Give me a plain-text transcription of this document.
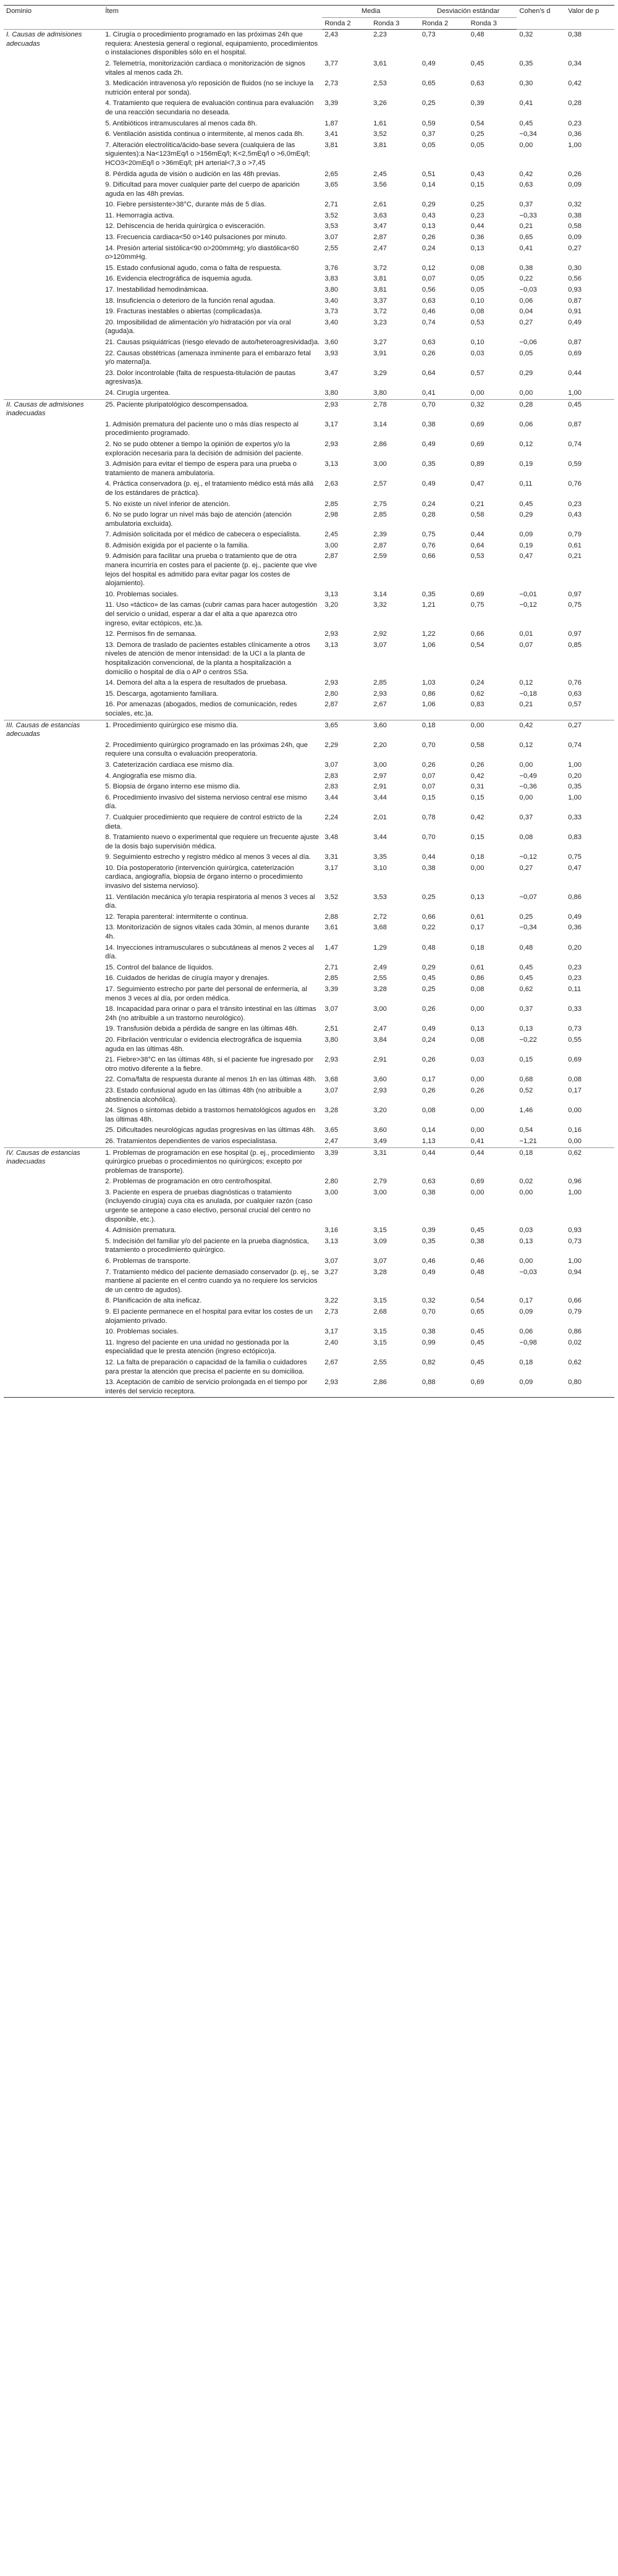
Dominio	Ítem	Media		Desviación estándar		Cohen's d	Valor de p
		Ronda 2	Ronda 3	Ronda 2	Ronda 3		
I. Causas de admisiones adecuadas	1. Cirugía o procedimiento programado en las próximas 24h que requiera: Anestesia general o regional, equipamiento, procedimientos o instalaciones disponibles sólo en el hospital.	2,43	2,23	0,73	0,48	0,32	0,38
	2. Telemetría, monitorización cardiaca o monitorización de signos vitales al menos cada 2h.	3,77	3,61	0,49	0,45	0,35	0,34
	3. Medicación intravenosa y/o reposición de fluidos (no se incluye la nutrición enteral por sonda).	2,73	2,53	0,65	0,63	0,30	0,42
	4. Tratamiento que requiera de evaluación continua para evaluación de una reacción secundaria no deseada.	3,39	3,26	0,25	0,39	0,41	0,28
	5. Antibióticos intramusculares al menos cada 8h.	1,87	1,61	0,59	0,54	0,45	0,23
	6. Ventilación asistida continua o intermitente, al menos cada 8h.	3,41	3,52	0,37	0,25	−0,34	0,36
	7. Alteración electrolítica/ácido-base severa (cualquiera de las siguientes):a Na<123mEq/l o >156mEq/l; K<2,5mEq/l o >6,0mEq/l; HCO3<20mEq/l o >36mEq/l; pH arterial<7,3 o >7,45	3,81	3,81	0,05	0,05	0,00	1,00
	8. Pérdida aguda de visión o audición en las 48h previas.	2,65	2,45	0,51	0,43	0,42	0,26
	9. Dificultad para mover cualquier parte del cuerpo de aparición aguda en las 48h previas.	3,65	3,56	0,14	0,15	0,63	0,09
	10. Fiebre persistente>38°C, durante más de 5 días.	2,71	2,61	0,29	0,25	0,37	0,32
	11. Hemorragia activa.	3,52	3,63	0,43	0,23	−0,33	0,38
	12. Dehiscencia de herida quirúrgica o evisceración.	3,53	3,47	0,13	0,44	0,21	0,58
	13. Frecuencia cardiaca<50 o>140 pulsaciones por minuto.	3,07	2,87	0,26	0,36	0,65	0,09
	14. Presión arterial sistólica<90 o>200mmHg; y/o diastólica<60 o>120mmHg.	2,55	2,47	0,24	0,13	0,41	0,27
	15. Estado confusional agudo, coma o falta de respuesta.	3,76	3,72	0,12	0,08	0,38	0,30
	16. Evidencia electrográfica de isquemia aguda.	3,83	3,81	0,07	0,05	0,22	0,56
	17. Inestabilidad hemodinámicaa.	3,80	3,81	0,56	0,05	−0,03	0,93
	18. Insuficiencia o deterioro de la función renal agudaa.	3,40	3,37	0,63	0,10	0,06	0,87
	19. Fracturas inestables o abiertas (complicadas)a.	3,73	3,72	0,46	0,08	0,04	0,91
	20. Imposibilidad de alimentación y/o hidratación por vía oral (aguda)a.	3,40	3,23	0,74	0,53	0,27	0,49
	21. Causas psiquiátricas (riesgo elevado de auto/heteroagresividad)a.	3,60	3,27	0,63	0,10	−0,06	0,87
	22. Causas obstétricas (amenaza inminente para el embarazo fetal y/o maternal)a.	3,93	3,91	0,26	0,03	0,05	0,69
	23. Dolor incontrolable (falta de respuesta-titulación de pautas agresivas)a.	3,47	3,29	0,64	0,57	0,29	0,44
	24. Cirugía urgentea.	3,80	3,80	0,41	0,00	0,00	1,00
II. Causas de admisiones inadecuadas	25. Paciente pluripatológico descompensadoa.	2,93	2,78	0,70	0,32	0,28	0,45
	1. Admisión prematura del paciente uno o más días respecto al procedimiento programado.	3,17	3,14	0,38	0,69	0,06	0,87
	2. No se pudo obtener a tiempo la opinión de expertos y/o la exploración necesaria para la decisión de admisión del paciente.	2,93	2,86	0,49	0,69	0,12	0,74
	3. Admisión para evitar el tiempo de espera para una prueba o tratamiento de manera ambulatoria.	3,13	3,00	0,35	0,89	0,19	0,59
	4. Práctica conservadora (p. ej., el tratamiento médico está más allá de los estándares de práctica).	2,63	2,57	0,49	0,47	0,11	0,76
	5. No existe un nivel inferior de atención.	2,85	2,75	0,24	0,21	0,45	0,23
	6. No se pudo lograr un nivel más bajo de atención (atención ambulatoria excluida).	2,98	2,85	0,28	0,58	0,29	0,43
	7. Admisión solicitada por el médico de cabecera o especialista.	2,45	2,39	0,75	0,44	0,09	0,79
	8. Admisión exigida por el paciente o la familia.	3,00	2,87	0,76	0,64	0,19	0,61
	9. Admisión para facilitar una prueba o tratamiento que de otra manera incurriría en costes para el paciente (p. ej., paciente que vive lejos del hospital es admitido para evitar pagar los costes de alojamiento).	2,87	2,59	0,66	0,53	0,47	0,21
	10. Problemas sociales.	3,13	3,14	0,35	0,69	−0,01	0,97
	11. Uso «táctico» de las camas (cubrir camas para hacer autogestión del servicio o unidad, esperar a dar el alta a que aparezca otro ingreso, evitar ectópicos, etc.)a.	3,20	3,32	1,21	0,75	−0,12	0,75
	12. Permisos fin de semanaa.	2,93	2,92	1,22	0,66	0,01	0,97
	13. Demora de traslado de pacientes estables clínicamente a otros niveles de atención de menor intensidad: de la UCI a la planta de hospitalización convencional, de la planta a hospitalización a domicilio o hospital de día o AP o centros SSa.	3,13	3,07	1,06	0,54	0,07	0,85
	14. Demora del alta a la espera de resultados de pruebasa.	2,93	2,85	1,03	0,24	0,12	0,76
	15. Descarga, agotamiento familiara.	2,80	2,93	0,86	0,62	−0,18	0,63
	16. Por amenazas (abogados, medios de comunicación, redes sociales, etc.)a.	2,87	2,67	1,06	0,83	0,21	0,57
III. Causas de estancias adecuadas	1. Procedimiento quirúrgico ese mismo día.	3,65	3,60	0,18	0,00	0,42	0,27
	2. Procedimiento quirúrgico programado en las próximas 24h, que requiere una consulta o evaluación preoperatoria.	2,29	2,20	0,70	0,58	0,12	0,74
	3. Cateterización cardiaca ese mismo día.	3,07	3,00	0,26	0,26	0,00	1,00
	4. Angiografía ese mismo día.	2,83	2,97	0,07	0,42	−0,49	0,20
	5. Biopsia de órgano interno ese mismo día.	2,83	2,91	0,07	0,31	−0,36	0,35
	6. Procedimiento invasivo del sistema nervioso central ese mismo día.	3,44	3,44	0,15	0,15	0,00	1,00
	7. Cualquier procedimiento que requiere de control estricto de la dieta.	2,24	2,01	0,78	0,42	0,37	0,33
	8. Tratamiento nuevo o experimental que requiere un frecuente ajuste de la dosis bajo supervisión médica.	3,48	3,44	0,70	0,15	0,08	0,83
	9. Seguimiento estrecho y registro médico al menos 3 veces al día.	3,31	3,35	0,44	0,18	−0,12	0,75
	10. Día postoperatorio (intervención quirúrgica, cateterización cardiaca, angiografía, biopsia de órgano interno o procedimiento invasivo del sistema nervioso).	3,17	3,10	0,38	0,00	0,27	0,47
	11. Ventilación mecánica y/o terapia respiratoria al menos 3 veces al día.	3,52	3,53	0,25	0,13	−0,07	0,86
	12. Terapia parenteral: intermitente o continua.	2,88	2,72	0,66	0,61	0,25	0,49
	13. Monitorización de signos vitales cada 30min, al menos durante 4h.	3,61	3,68	0,22	0,17	−0,34	0,36
	14. Inyecciones intramusculares o subcutáneas al menos 2 veces al día.	1,47	1,29	0,48	0,18	0,48	0,20
	15. Control del balance de líquidos.	2,71	2,49	0,29	0,61	0,45	0,23
	16. Cuidados de heridas de cirugía mayor y drenajes.	2,85	2,55	0,45	0,86	0,45	0,23
	17. Seguimiento estrecho por parte del personal de enfermería, al menos 3 veces al día, por orden médica.	3,39	3,28	0,25	0,08	0,62	0,11
	18. Incapacidad para orinar o para el tránsito intestinal en las últimas 24h (no atribuible a un trastorno neurológico).	3,07	3,00	0,26	0,00	0,37	0,33
	19. Transfusión debida a pérdida de sangre en las últimas 48h.	2,51	2,47	0,49	0,13	0,13	0,73
	20. Fibrilación ventricular o evidencia electrográfica de isquemia aguda en las últimas 48h.	3,80	3,84	0,24	0,08	−0,22	0,55
	21. Fiebre>38°C en las últimas 48h, si el paciente fue ingresado por otro motivo diferente a la fiebre.	2,93	2,91	0,26	0,03	0,15	0,69
	22. Coma/falta de respuesta durante al menos 1h en las últimas 48h.	3,68	3,60	0,17	0,00	0,68	0,08
	23. Estado confusional agudo en las últimas 48h (no atribuible a abstinencia alcohólica).	3,07	2,93	0,26	0,26	0,52	0,17
	24. Signos o síntomas debido a trastornos hematológicos agudos en las últimas 48h.	3,28	3,20	0,08	0,00	1,46	0,00
	25. Dificultades neurológicas agudas progresivas en las últimas 48h.	3,65	3,60	0,14	0,00	0,54	0,16
	26. Tratamientos dependientes de varios especialistasa.	2,47	3,49	1,13	0,41	−1,21	0,00
IV. Causas de estancias inadecuadas	1. Problemas de programación en ese hospital (p. ej., procedimiento quirúrgico pruebas o procedimientos no quirúrgicos; excepto por problemas de transporte).	3,39	3,31	0,44	0,44	0,18	0,62
	2. Problemas de programación en otro centro/hospital.	2,80	2,79	0,63	0,69	0,02	0,96
	3. Paciente en espera de pruebas diagnósticas o tratamiento (incluyendo cirugía) cuya cita es anulada, por cualquier razón (caso urgente se antepone a caso electivo, personal crucial del centro no disponible, etc.).	3,00	3,00	0,38	0,00	0,00	1,00
	4. Admisión prematura.	3,16	3,15	0,39	0,45	0,03	0,93
	5. Indecisión del familiar y/o del paciente en la prueba diagnóstica, tratamiento o procedimiento quirúrgico.	3,13	3,09	0,35	0,38	0,13	0,73
	6. Problemas de transporte.	3,07	3,07	0,46	0,46	0,00	1,00
	7. Tratamiento médico del paciente demasiado conservador (p. ej., se mantiene al paciente en el centro cuando ya no requiere los servicios de un centro de agudos).	3,27	3,28	0,49	0,48	−0,03	0,94
	8. Planificación de alta ineficaz.	3,22	3,15	0,32	0,54	0,17	0,66
	9. El paciente permanece en el hospital para evitar los costes de un alojamiento privado.	2,73	2,68	0,70	0,65	0,09	0,79
	10. Problemas sociales.	3,17	3,15	0,38	0,45	0,06	0,86
	11. Ingreso del paciente en una unidad no gestionada por la especialidad que le presta atención (ingreso ectópico)a.	2,40	3,15	0,99	0,45	−0,98	0,02
	12. La falta de preparación o capacidad de la familia o cuidadores para prestar la atención que precisa el paciente en su domicilioa.	2,67	2,55	0,82	0,45	0,18	0,62
	13. Aceptación de cambio de servicio prolongada en el tiempo por interés del servicio receptora.	2,93	2,86	0,88	0,69	0,09	0,80
